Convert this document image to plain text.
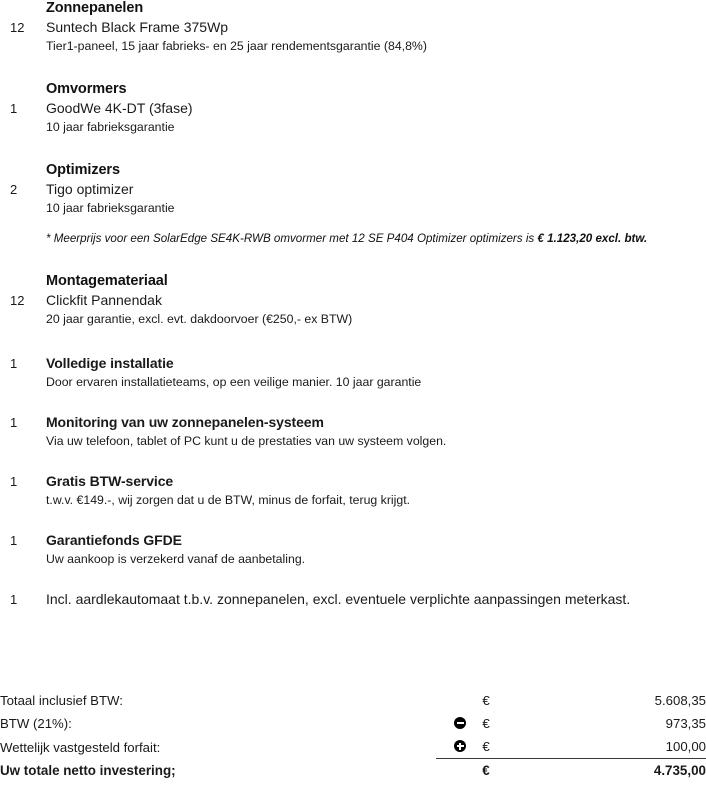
Zonnepanelen
12	Suntech Black Frame 375Wp
Tier1-paneel, 15 jaar fabrieks- en 25 jaar rendementsgarantie (84,8%)
Omvormers
1	GoodWe 4K-DT (3fase)
10 jaar fabrieksgarantie
Optimizers
2	Tigo optimizer
10 jaar fabrieksgarantie
* Meerprijs voor een SolarEdge SE4K-RWB omvormer met 12 SE P404 Optimizer optimizers is € 1.123,20 excl. btw.
Montagemateriaal
12	Clickfit Pannendak
20 jaar garantie, excl. evt. dakdoorvoer (€250,- ex BTW)
1	Volledige installatie
Door ervaren installatieteams, op een veilige manier. 10 jaar garantie
1	Monitoring van uw zonnepanelen-systeem
Via uw telefoon, tablet of PC kunt u de prestaties van uw systeem volgen.
1	Gratis BTW-service
t.w.v. €149.-, wij zorgen dat u de BTW, minus de forfait, terug krijgt.
1	Garantiefonds GFDE
Uw aankoop is verzekerd vanaf de aanbetaling.
1	Incl. aardlekautomaat t.b.v. zonnepanelen, excl. eventuele verplichte aanpassingen meterkast.
Totaal inclusief BTW:		€	5.608,35
BTW (21%):		€	973,35
Wettelijk vastgesteld forfait:		€	100,00
Uw totale netto investering;		€	4.735,00
